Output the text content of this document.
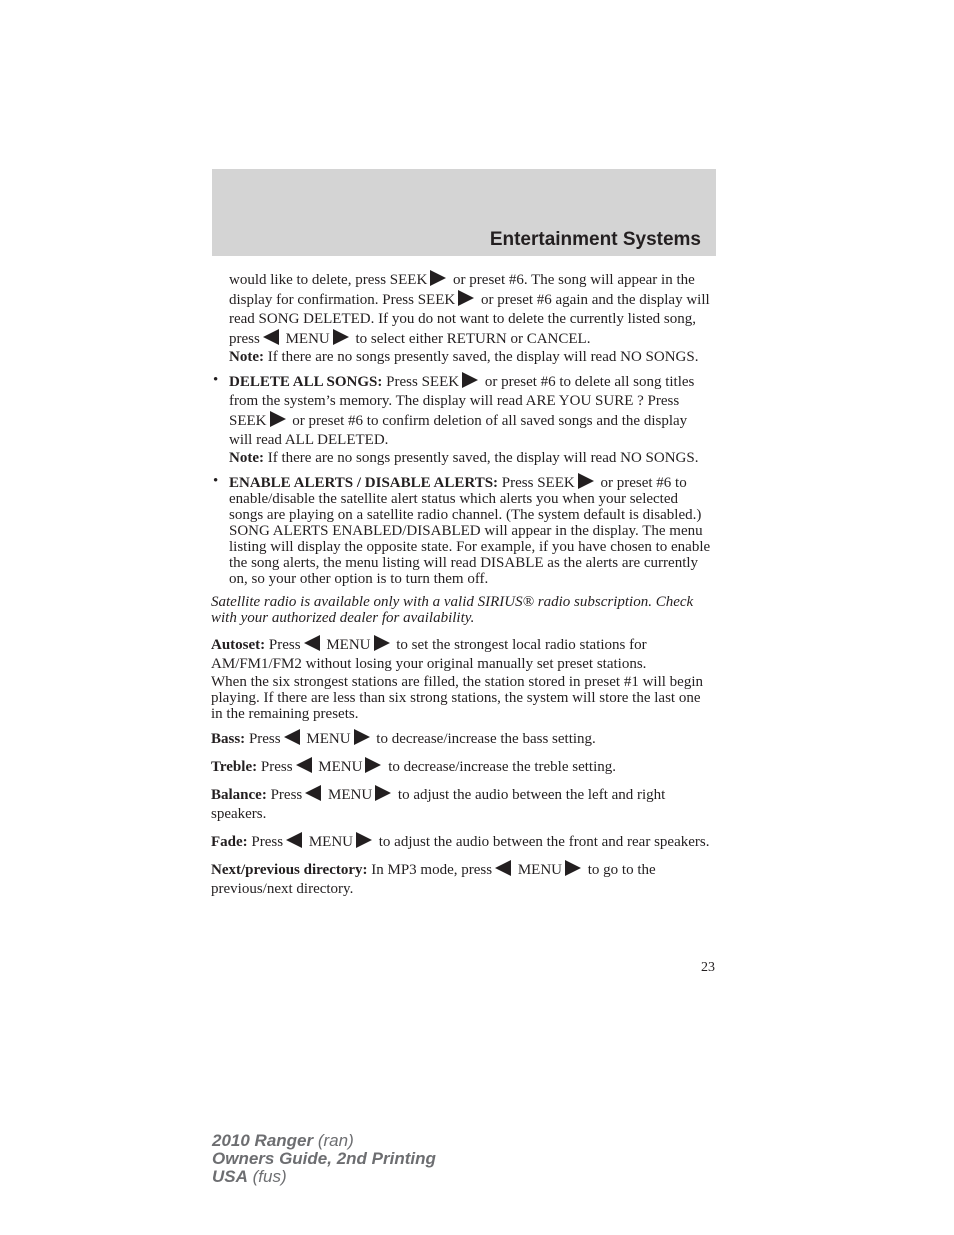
Entertainment Systems

would like to delete, press SEEK or preset #6. The song will appear in the display for confirmation. Press SEEK or preset #6 again and the display will read SONG DELETED. If you do not want to delete the currently listed song, press MENU to select either RETURN or CANCEL.

Note: If there are no songs presently saved, the display will read NO SONGS.

• DELETE ALL SONGS: Press SEEK or preset #6 to delete all song titles from the system’s memory. The display will read ARE YOU SURE ? Press SEEK or preset #6 to confirm deletion of all saved songs and the display will read ALL DELETED.

Note: If there are no songs presently saved, the display will read NO SONGS.

• ENABLE ALERTS / DISABLE ALERTS: Press SEEK or preset #6 to enable/disable the satellite alert status which alerts you when your selected songs are playing on a satellite radio channel. (The system default is disabled.) SONG ALERTS ENABLED/DISABLED will appear in the display. The menu listing will display the opposite state. For example, if you have chosen to enable the song alerts, the menu listing will read DISABLE as the alerts are currently on, so your other option is to turn them off.

Satellite radio is available only with a valid SIRIUS® radio subscription. Check with your authorized dealer for availability.

Autoset: Press MENU to set the strongest local radio stations for AM/FM1/FM2 without losing your original manually set preset stations.

When the six strongest stations are filled, the station stored in preset #1 will begin playing. If there are less than six strong stations, the system will store the last one in the remaining presets.

Bass: Press MENU to decrease/increase the bass setting.

Treble: Press MENU to decrease/increase the treble setting.

Balance: Press MENU to adjust the audio between the left and right speakers.

Fade: Press MENU to adjust the audio between the front and rear speakers.

Next/previous directory: In MP3 mode, press MENU to go to the previous/next directory.

23

2010 Ranger (ran)
Owners Guide, 2nd Printing
USA (fus)
